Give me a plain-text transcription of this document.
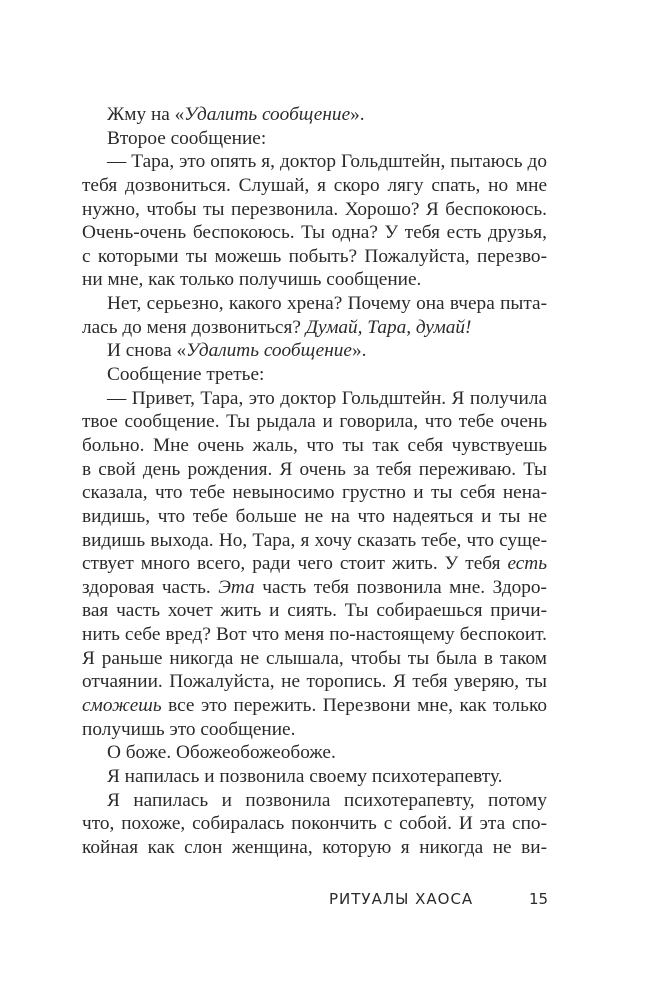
Жму на «Удалить сообщение».
Второе сообщение:
— Тара, это опять я, доктор Гольдштейн, пытаюсь до
тебя дозвониться. Слушай, я скоро лягу спать, но мне
нужно, чтобы ты перезвонила. Хорошо? Я беспокоюсь.
Очень-очень беспокоюсь. Ты одна? У тебя есть друзья,
с которыми ты можешь побыть? Пожалуйста, перезво-
ни мне, как только получишь сообщение.
Нет, серьезно, какого хрена? Почему она вчера пыта-
лась до меня дозвониться? Думай, Тара, думай!
И снова «Удалить сообщение».
Сообщение третье:
— Привет, Тара, это доктор Гольдштейн. Я получила
твое сообщение. Ты рыдала и говорила, что тебе очень
больно. Мне очень жаль, что ты так себя чувствуешь
в свой день рождения. Я очень за тебя переживаю. Ты
сказала, что тебе невыносимо грустно и ты себя нена-
видишь, что тебе больше не на что надеяться и ты не
видишь выхода. Но, Тара, я хочу сказать тебе, что суще-
ствует много всего, ради чего стоит жить. У тебя есть
здоровая часть. Эта часть тебя позвонила мне. Здоро-
вая часть хочет жить и сиять. Ты собираешься причи-
нить себе вред? Вот что меня по-настоящему беспокоит.
Я раньше никогда не слышала, чтобы ты была в таком
отчаянии. Пожалуйста, не торопись. Я тебя уверяю, ты
сможешь все это пережить. Перезвони мне, как только
получишь это сообщение.
О боже. Обожеобожеобоже.
Я напилась и позвонила своему психотерапевту.
Я напилась и позвонила психотерапевту, потому
что, похоже, собиралась покончить с собой. И эта спо-
койная как слон женщина, которую я никогда не ви-
РИТУАЛЫ ХАОСА	15
